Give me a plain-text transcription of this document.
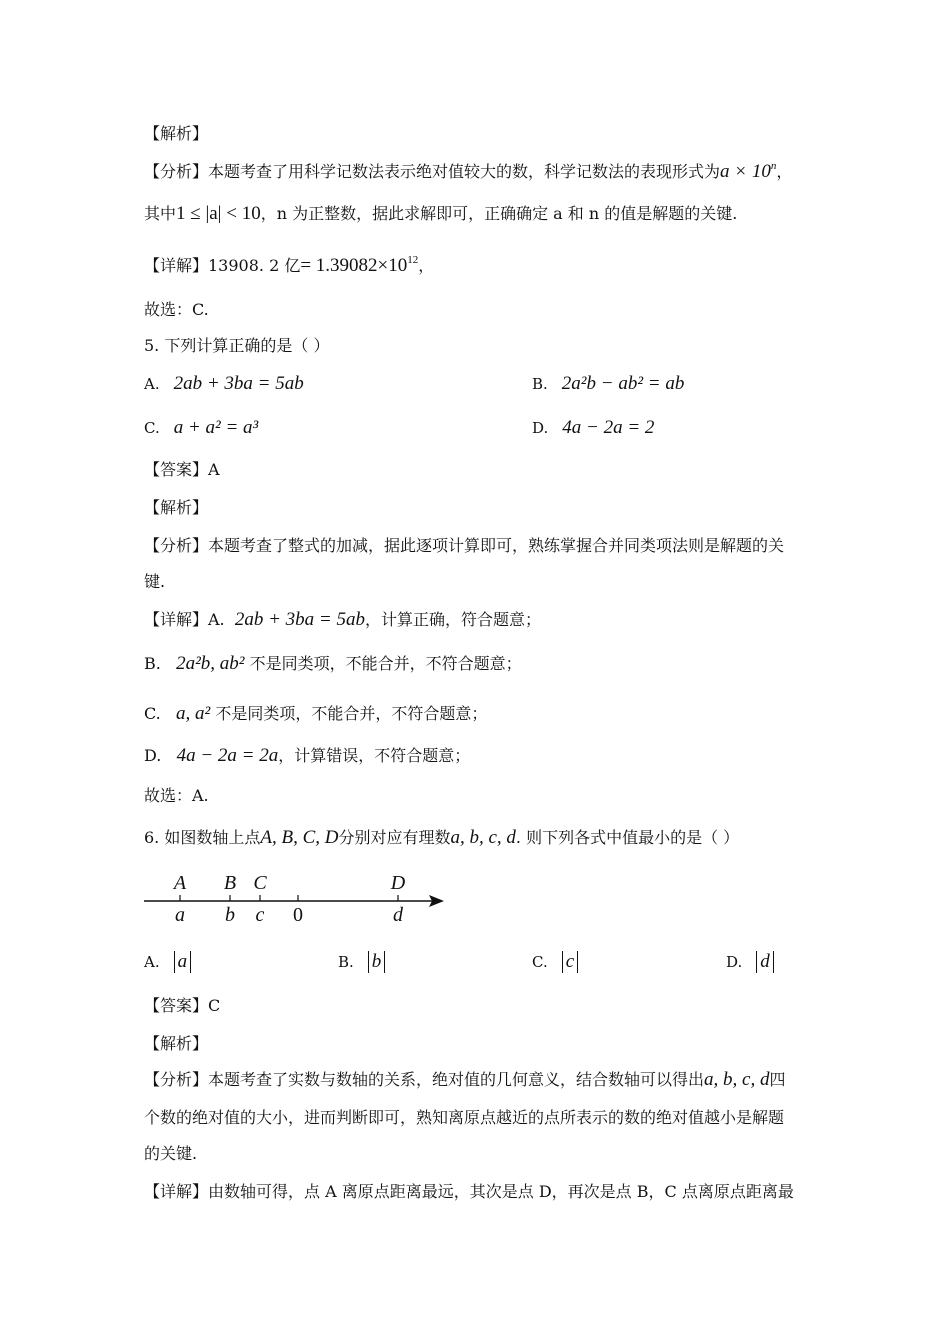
【解析】
【分析】本题考查了用科学记数法表示绝对值较大的数，科学记数法的表现形式为$a \times 10^n$，
其中1 ≤ |a| < 10，n 为正整数，据此求解即可，正确确定 a 和 n 的值是解题的关键.
【详解】13908. 2 亿= $1.39082\times 10^{12}$，
故选：C.
5. 下列计算正确的是（ ）
A. 2ab + 3ba = 5ab	B. 2a²b − ab² = ab
C. a + a² = a³	D. 4a − 2a = 2
【答案】A
【解析】
【分析】本题考查了整式的加减，据此逐项计算即可，熟练掌握合并同类项法则是解题的关
键.
【详解】A. 2ab + 3ba = 5ab，计算正确，符合题意；
B. 2a²b, ab² 不是同类项，不能合并，不符合题意；
C. a, a² 不是同类项，不能合并，不符合题意；
D. 4a − 2a = 2a，计算错误，不符合题意；
故选：A.
6. 如图数轴上点A, B, C, D分别对应有理数a, b, c, d. 则下列各式中值最小的是（ ）
A B C	D
a b c 0	d
A. a	B. b	C. c	D. d
【答案】C
【解析】
【分析】本题考查了实数与数轴的关系，绝对值的几何意义，结合数轴可以得出a, b, c, d四
个数的绝对值的大小，进而判断即可，熟知离原点越近的点所表示的数的绝对值越小是解题
的关键.
【详解】由数轴可得，点 A 离原点距离最远，其次是点 D，再次是点 B，C 点离原点距离最
